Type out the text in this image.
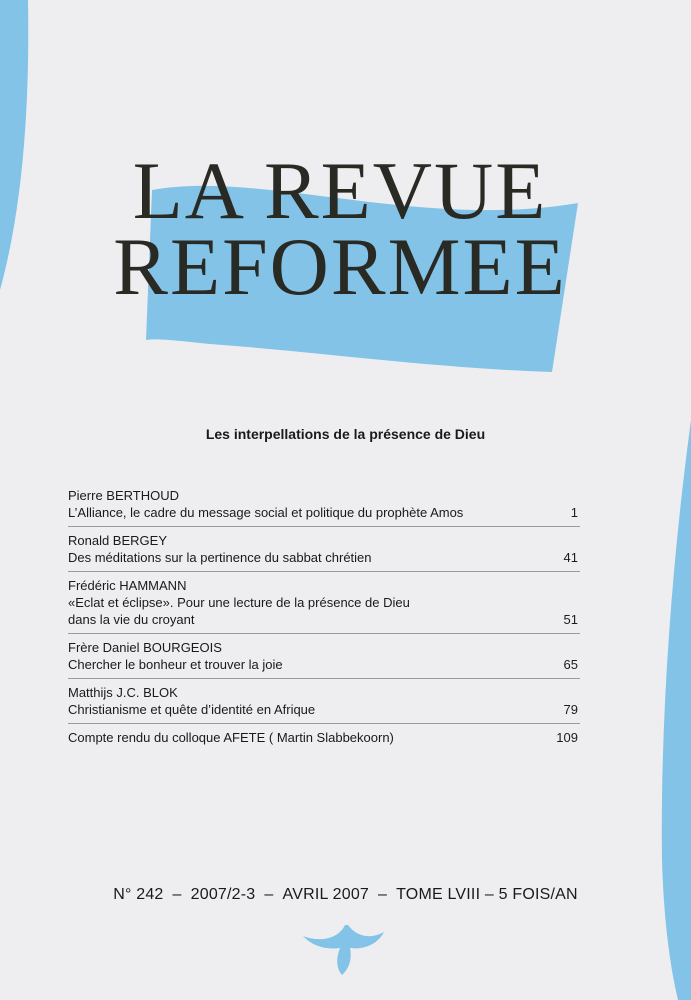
LA REVUE
REFORMEE
Les interpellations de la présence de Dieu
Pierre BERTHOUD
L’Alliance, le cadre du message social et politique du prophète Amos	1
Ronald BERGEY
Des méditations sur la pertinence du sabbat chrétien	41
Frédéric HAMMANN
«Eclat et éclipse». Pour une lecture de la présence de Dieu
dans la vie du croyant	51
Frère Daniel BOURGEOIS
Chercher le bonheur et trouver la joie	65
Matthijs J.C. BLOK
Christianisme et quête d’identité en Afrique	79
Compte rendu du colloque AFETE ( Martin Slabbekoorn)	109
N° 242 – 2007/2-3 – AVRIL 2007 – TOME LVIII – 5 FOIS/AN
